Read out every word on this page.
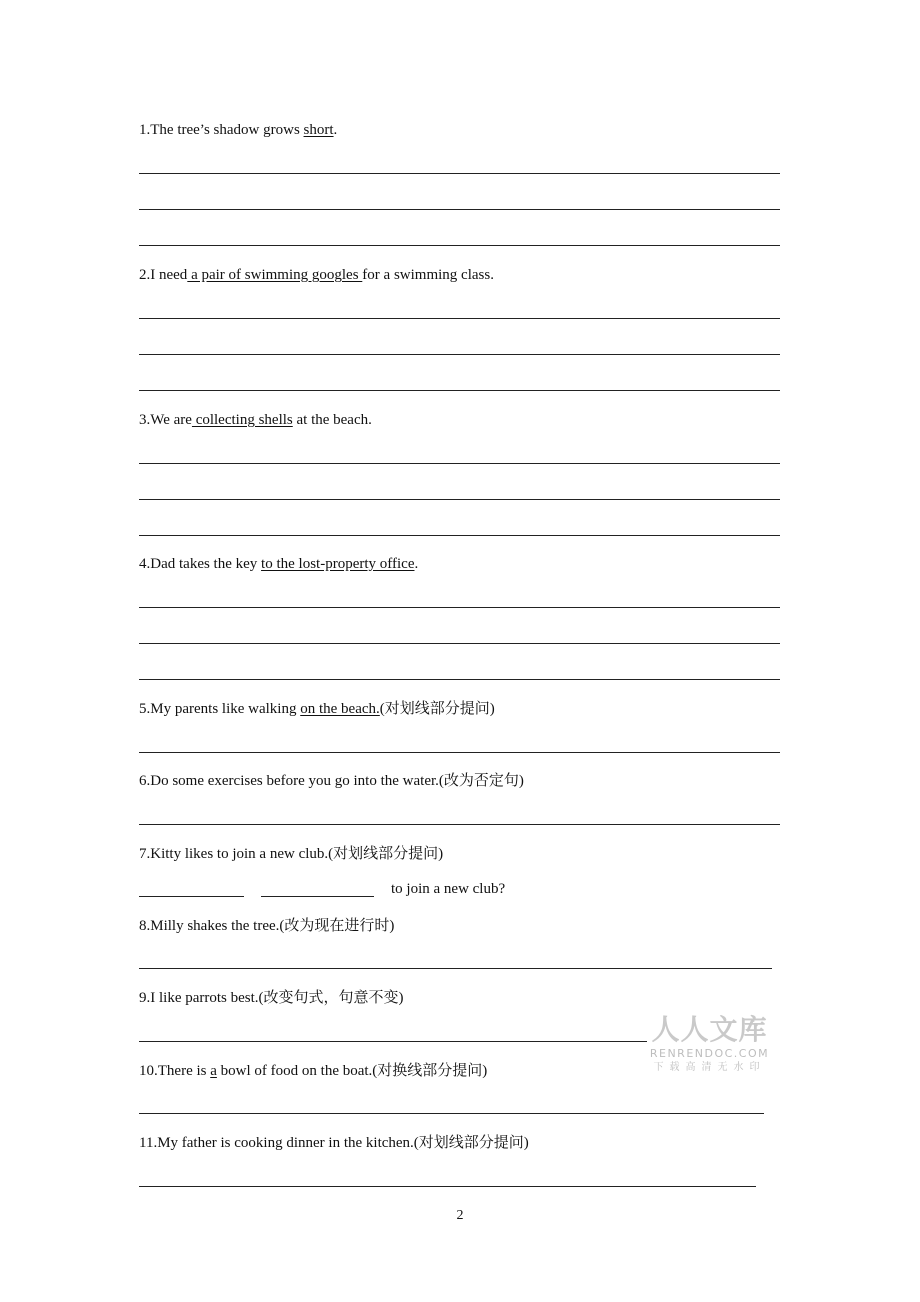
1.The tree’s shadow grows short.
2.I need a pair of swimming googles for a swimming class.
3.We are collecting shells at the beach.
4.Dad takes the key to the lost-property office.
5.My parents like walking on the beach.(对划线部分提问)
6.Do some exercises before you go into the water.(改为否定句)
7.Kitty likes to join a new club.(对划线部分提问)
to join a new club?
8.Milly shakes the tree.(改为现在进行时)
9.I like parrots best.(改变句式，句意不变)
10.There is a bowl of food on the boat.(对换线部分提问)
11.My father is cooking dinner in the kitchen.(对划线部分提问)
人人文库
RENRENDOC.COM
下载高清无水印
2
